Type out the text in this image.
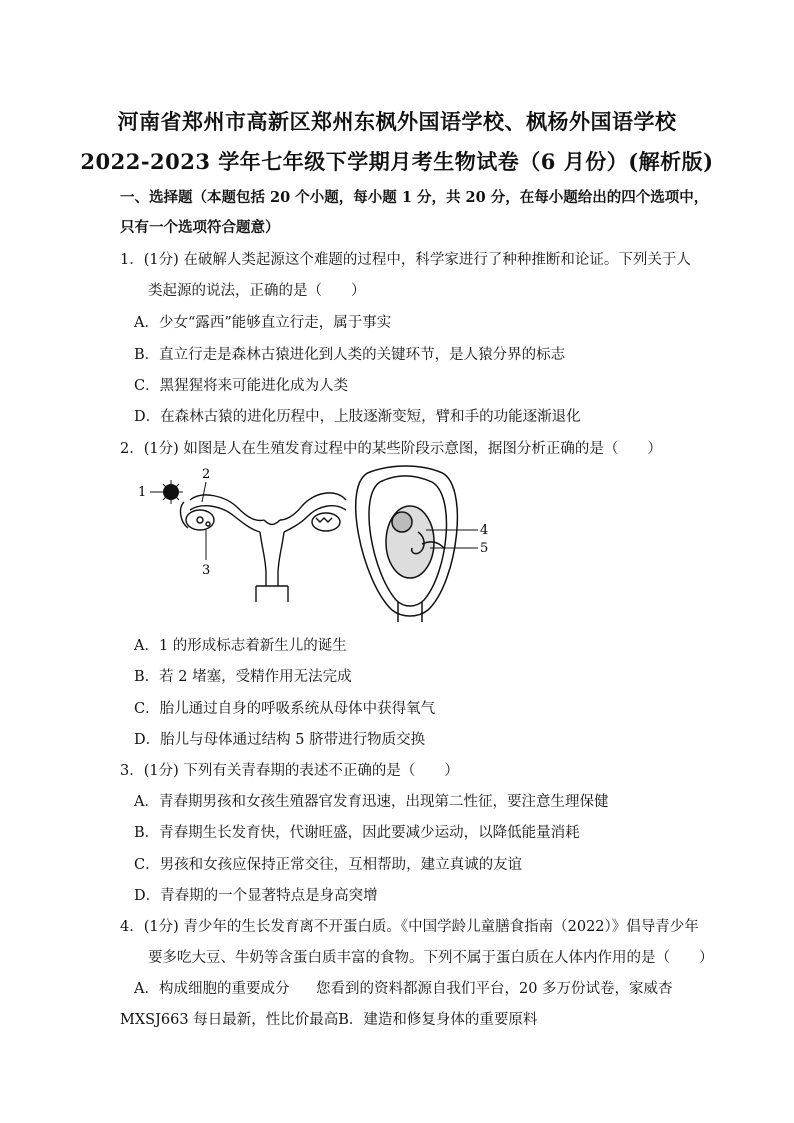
河南省郑州市高新区郑州东枫外国语学校、枫杨外国语学校
2022-2023 学年七年级下学期月考生物试卷（6 月份）(解析版)
一、选择题（本题包括 20 个小题，每小题 1 分，共 20 分，在每小题给出的四个选项中，
只有一个选项符合题意）
1．(1分) 在破解人类起源这个难题的过程中，科学家进行了种种推断和论证。下列关于人
类起源的说法，正确的是（　　）
A．少女“露西”能够直立行走，属于事实
B．直立行走是森林古猿进化到人类的关键环节，是人猿分界的标志
C．黑猩猩将来可能进化成为人类
D．在森林古猿的进化历程中，上肢逐渐变短，臂和手的功能逐渐退化
2．(1分) 如图是人在生殖发育过程中的某些阶段示意图，据图分析正确的是（　　）
1
2
3
4
5
A．1 的形成标志着新生儿的诞生
B．若 2 堵塞，受精作用无法完成
C．胎儿通过自身的呼吸系统从母体中获得氧气
D．胎儿与母体通过结构 5 脐带进行物质交换
3．(1分) 下列有关青春期的表述不正确的是（　　）
A．青春期男孩和女孩生殖器官发育迅速，出现第二性征，要注意生理保健
B．青春期生长发育快，代谢旺盛，因此要减少运动，以降低能量消耗
C．男孩和女孩应保持正常交往，互相帮助，建立真诚的友谊
D．青春期的一个显著特点是身高突增
4．(1分) 青少年的生长发育离不开蛋白质。《中国学龄儿童膳食指南（2022）》倡导青少年
要多吃大豆、牛奶等含蛋白质丰富的食物。下列不属于蛋白质在人体内作用的是（　　）
A．构成细胞的重要成分 您看到的资料都源自我们平台，20 多万份试卷，家威杏
MXSJ663 每日最新，性比价最高B．建造和修复身体的重要原料
